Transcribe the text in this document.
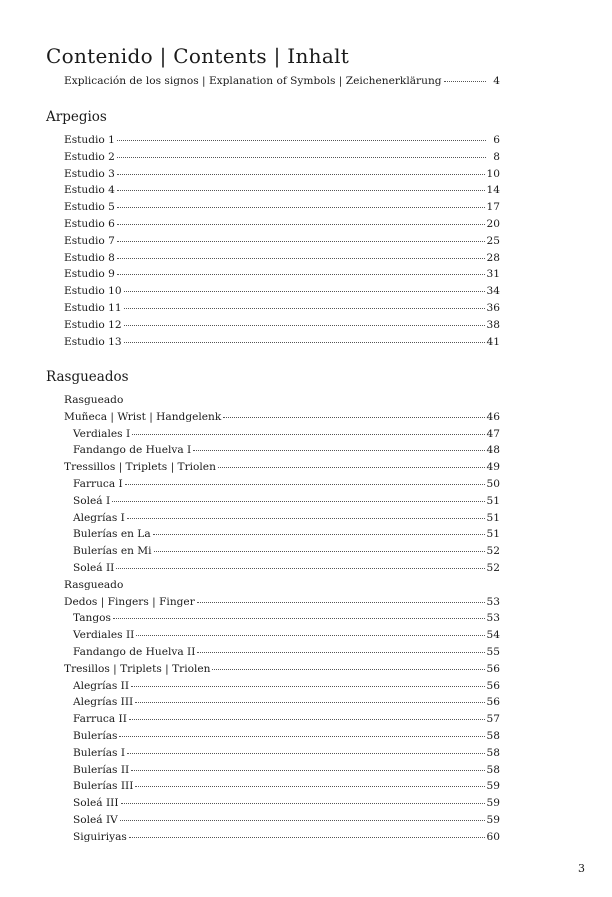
Contenido | Contents | Inhalt
Explicación de los signos | Explanation of Symbols | Zeichenerklärung	4
Arpegios
Estudio 1	6
Estudio 2	8
Estudio 3	10
Estudio 4	14
Estudio 5	17
Estudio 6	20
Estudio 7	25
Estudio 8	28
Estudio 9	31
Estudio 10	34
Estudio 11	36
Estudio 12	38
Estudio 13	41
Rasgueados
Rasgueado
Muñeca | Wrist | Handgelenk	46
Verdiales I	47
Fandango de Huelva I	48
Tressillos | Triplets | Triolen	49
Farruca I	50
Soleá I	51
Alegrías I	51
Bulerías en La	51
Bulerías en Mi	52
Soleá II	52
Rasgueado
Dedos | Fingers | Finger	53
Tangos	53
Verdiales II	54
Fandango de Huelva II	55
Tresillos | Triplets | Triolen	56
Alegrías II	56
Alegrías III	56
Farruca II	57
Bulerías	58
Bulerías I	58
Bulerías II	58
Bulerías III	59
Soleá III	59
Soleá IV	59
Siguiriyas	60
3
